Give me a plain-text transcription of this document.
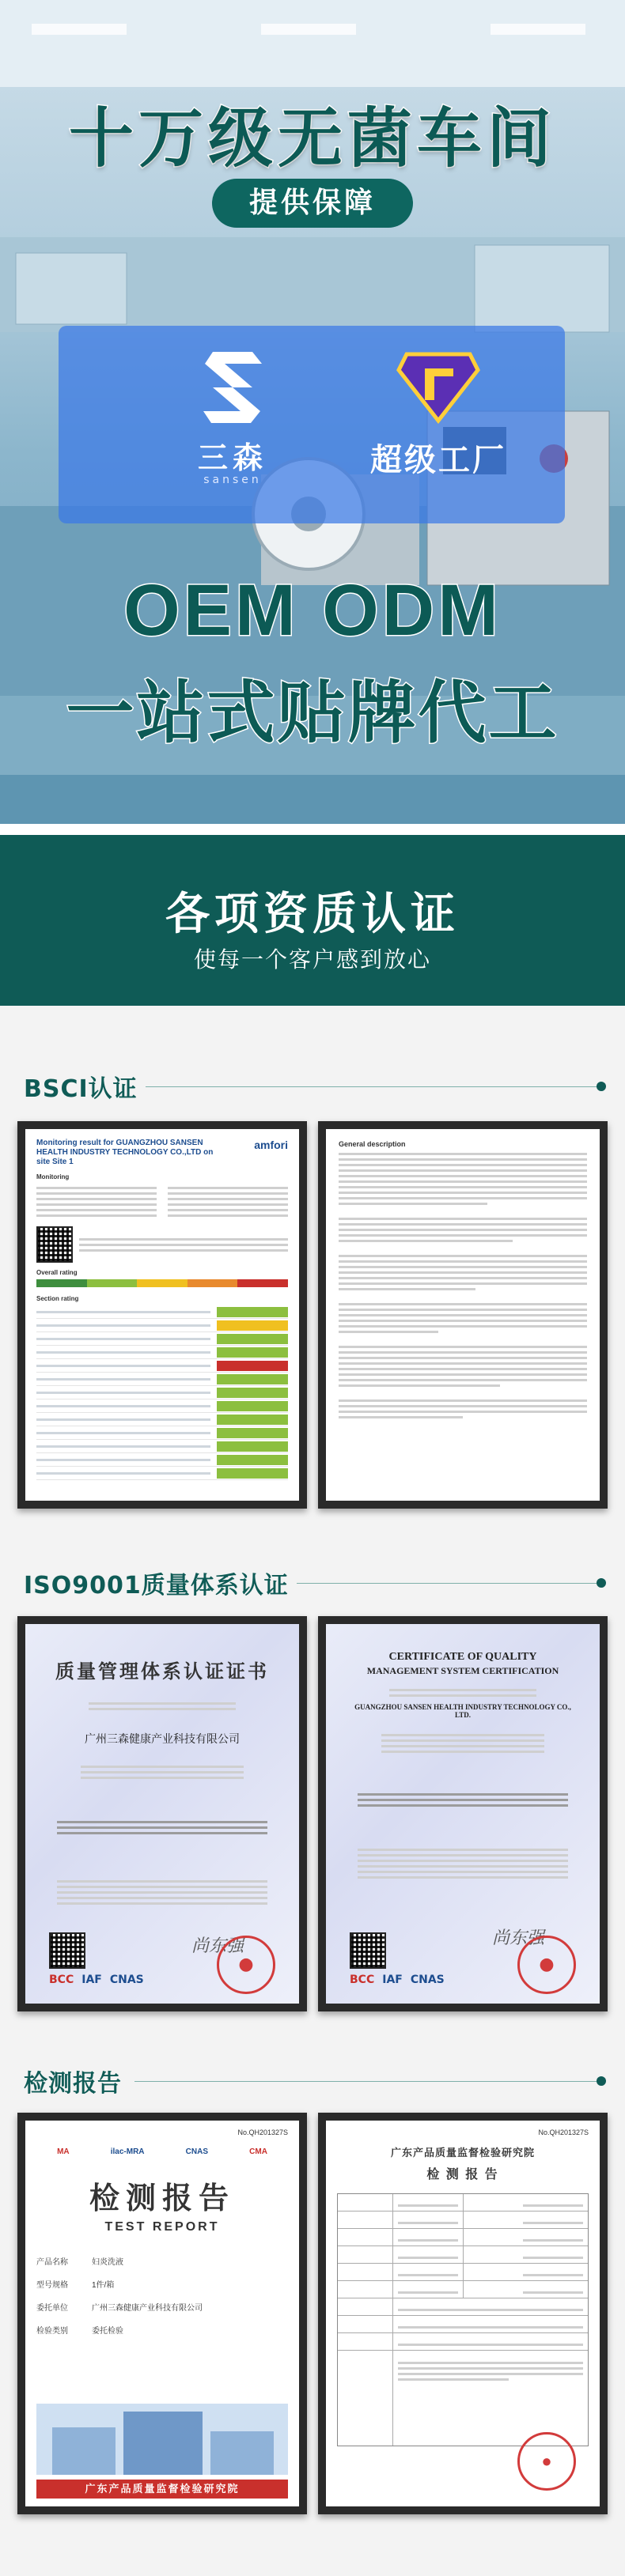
十万级无菌车间
提供保障
三森
sansen
超级工厂
OEM ODM
一站式贴牌代工
各项资质认证
使每一个客户感到放心
BSCI认证
Monitoring result for GUANGZHOU SANSEN HEALTH INDUSTRY TECHNOLOGY CO.,LTD on site Site 1
amfori
Monitoring
Overall rating
Section rating
General description
ISO9001质量体系认证
质量管理体系认证证书
广州三森健康产业科技有限公司
尚东强
BCC IAF CNAS
●
CERTIFICATE OF QUALITY
MANAGEMENT SYSTEM CERTIFICATION
GUANGZHOU SANSEN HEALTH INDUSTRY TECHNOLOGY CO., LTD.
尚东强
BCC IAF CNAS
●
检测报告
No.QH201327S
MA	ilac-MRA	CNAS	CMA
检测报告
TEST REPORT
产品名称	妇炎洗液
型号规格	1件/箱
委托单位	广州三森健康产业科技有限公司
检验类别	委托检验
广东产品质量监督检验研究院
No.QH201327S
广东产品质量监督检验研究院
检 测 报 告
●
